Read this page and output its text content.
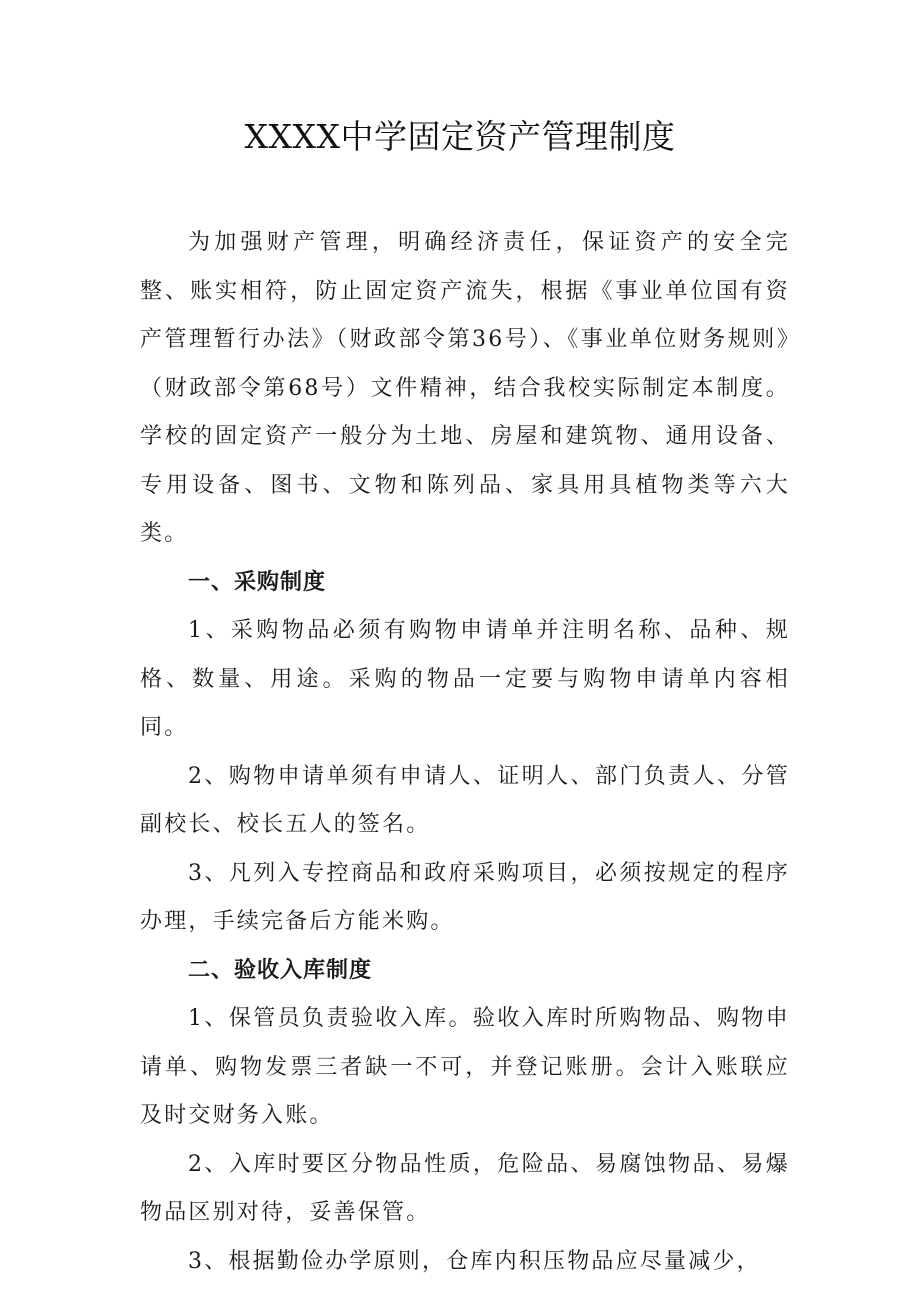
XXXX中学固定资产管理制度

为加强财产管理，明确经济责任，保证资产的安全完整、账实相符，防止固定资产流失，根据《事业单位国有资产管理暂行办法》（财政部令第36号）、《事业单位财务规则》（财政部令第68号）文件精神，结合我校实际制定本制度。学校的固定资产一般分为土地、房屋和建筑物、通用设备、专用设备、图书、文物和陈列品、家具用具植物类等六大类。

一、采购制度

1、采购物品必须有购物申请单并注明名称、品种、规格、数量、用途。采购的物品一定要与购物申请单内容相同。

2、购物申请单须有申请人、证明人、部门负责人、分管副校长、校长五人的签名。

3、凡列入专控商品和政府采购项目，必须按规定的程序办理，手续完备后方能米购。

二、验收入库制度

1、保管员负责验收入库。验收入库时所购物品、购物申请单、购物发票三者缺一不可，并登记账册。会计入账联应及时交财务入账。

2、入库时要区分物品性质，危险品、易腐蚀物品、易爆物品区别对待，妥善保管。

3、根据勤俭办学原则，仓库内积压物品应尽量减少，
